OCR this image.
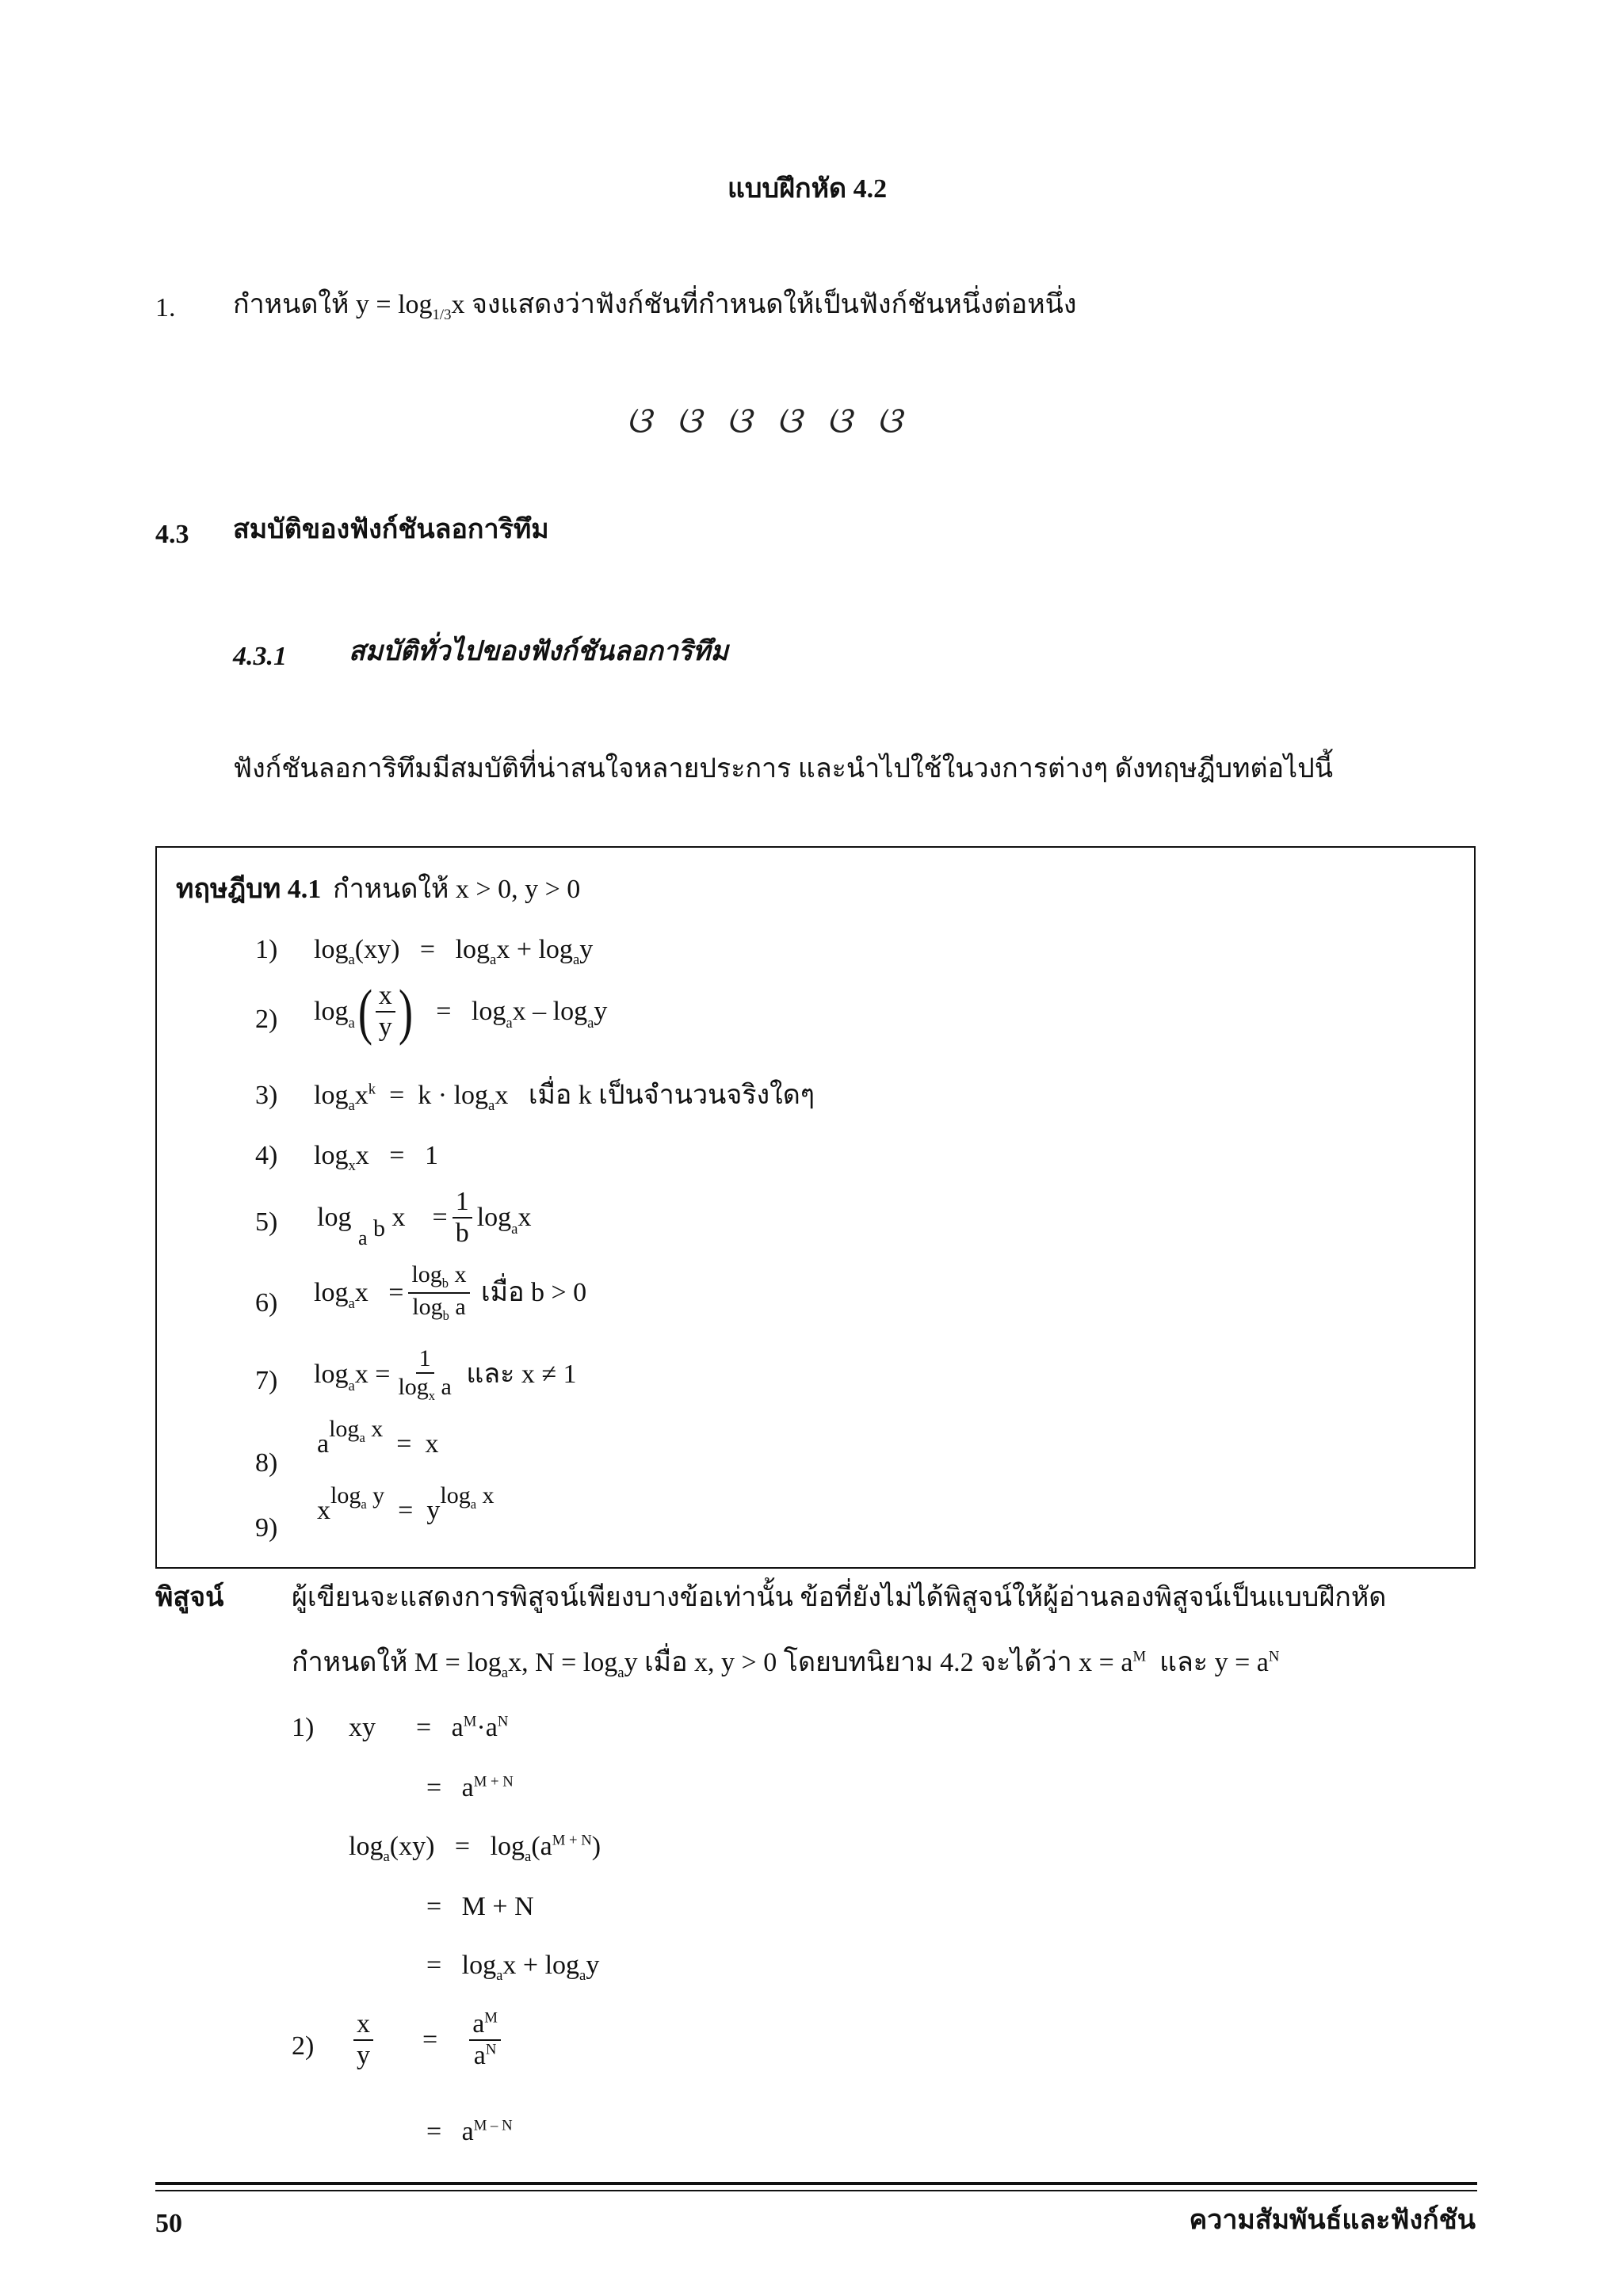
แบบฝึกหัด 4.2
1. กำหนดให้ $y = \log_{1/3}x$ จงแสดงว่าฟังก์ชันที่กำหนดให้เป็นฟังก์ชันหนึ่งต่อหนึ่ง
ଓ ଓ ଓ ଓ ଓ ଓ
4.3 สมบัติของฟังก์ชันลอการิทึม
4.3.1 สมบัติทั่วไปของฟังก์ชันลอการิทึม
ฟังก์ชันลอการิทึมมีสมบัติที่น่าสนใจหลายประการ และนำไปใช้ในวงการต่างๆ ดังทฤษฎีบทต่อไปนี้
ทฤษฎีบท 4.1 กำหนดให้ x > 0, y > 0
1) $\log_a(xy) = \log_ax + \log_ay$
2) log a ( $\frac{x}{y}$ ) =   $\log_a x$ – log a y
3) $\log_ax^k = k \cdot \log_ax$   เมื่อ k เป็นจำนวนจริงใดๆ
4) $\log_xx = 1$
5) log
a b x    = $\frac{1}{b} \log_a x$
6) log a $x = \frac{\log_b x}{\log_b a}$
เมื่อ b > 0
7) log a $x = \frac{1}{\log_x a}$
และ x ≠ 1
8)
alog$_a$ x  =  x
9)
xlog$_a$ y  =  ylog$_a$ x
พิสูจน์	ผู้เขียนจะแสดงการพิสูจน์เพียงบางข้อเท่านั้น ข้อที่ยังไม่ได้พิสูจน์ให้ผู้อ่านลองพิสูจน์เป็นแบบฝึกหัด
กำหนดให้ $M = \log_ax$, $N = \log_ay$ เมื่อ x, y > 0 โดยบทนิยาม 4.2 จะได้ว่า $x = a^M$ และ $y = a^N$
1) xy      =   $a^M\cdot a^N$
=   $a^{M + N}$
$\log_a(xy) = \log_a(a^{M + N})$
=   M + N
=   $\log_ax + \log_ay$
$2) \frac{x}{y} = \frac{a^M}{a^N}$
=   $a^{M - N}$
50	ความสัมพันธ์และฟังก์ชัน
